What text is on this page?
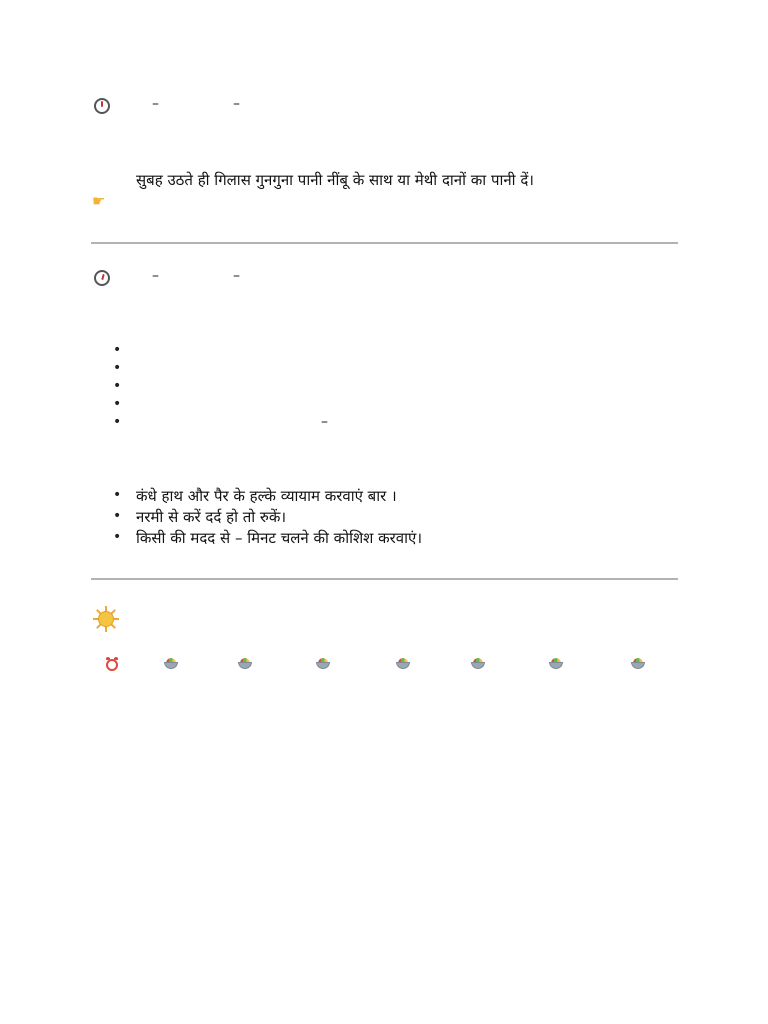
–	–
सुबह उठते ही गिलास गुनगुना पानी नींबू के साथ या मेथी दानों का पानी दें।
☛
–	–
•
•
•
•
•	–
• कंधे हाथ और पैर के हल्के व्यायाम करवाएं बार ।
• नरमी से करें दर्द हो तो रुकें।
• किसी की मदद से – मिनट चलने की कोशिश करवाएं।
